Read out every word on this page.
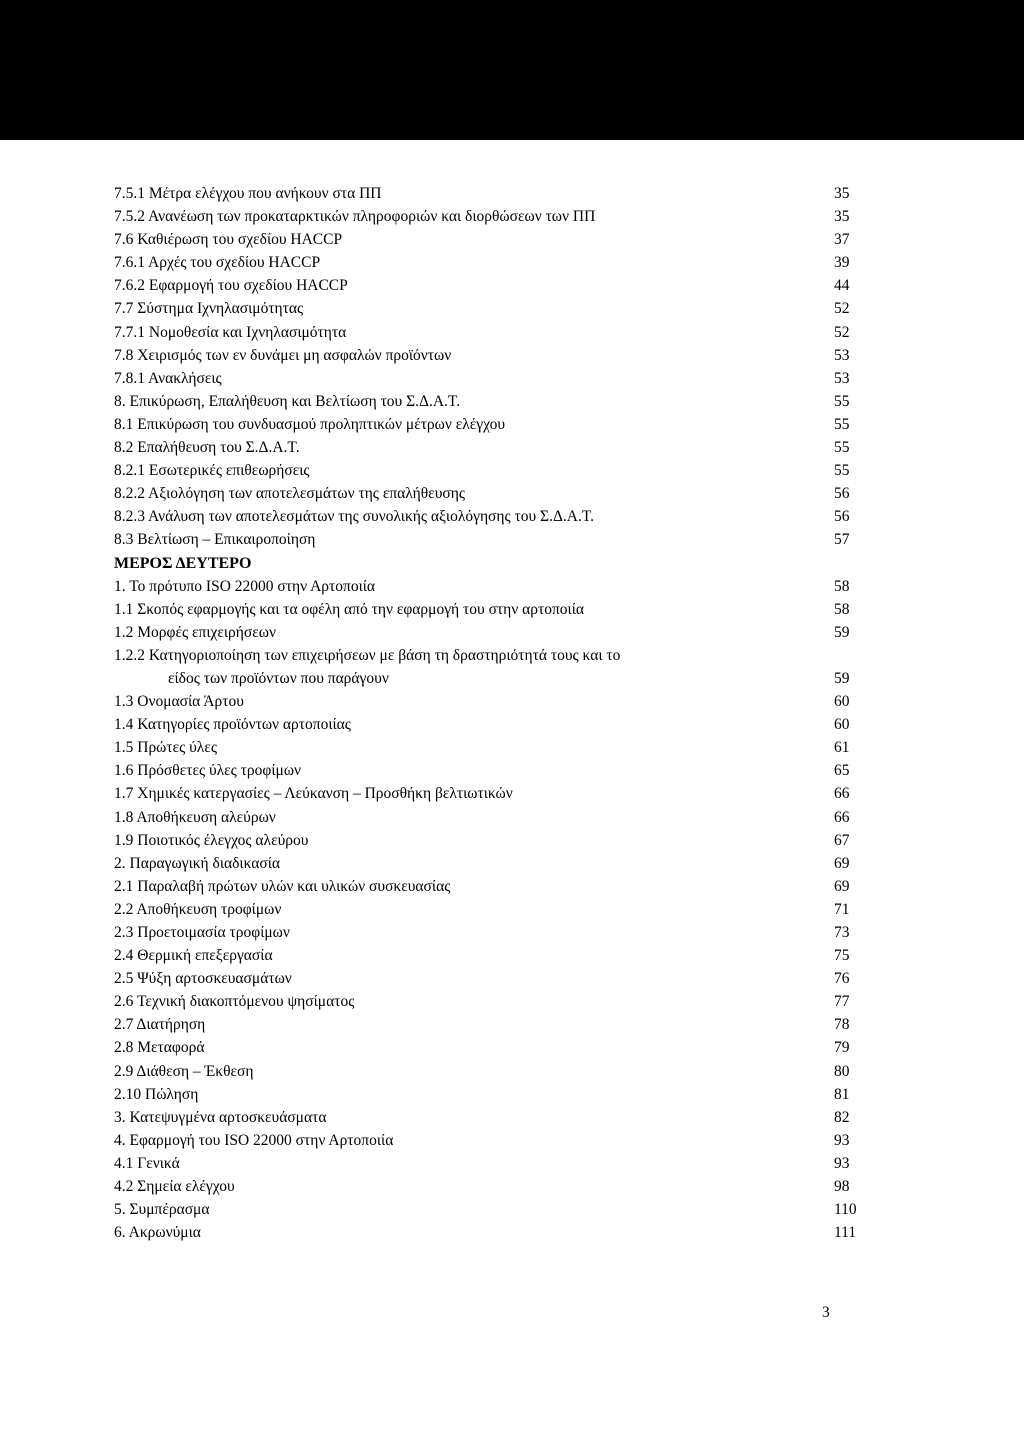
7.5.1 Μέτρα ελέγχου που ανήκουν στα ΠΠ	35
7.5.2 Ανανέωση των προκαταρκτικών πληροφοριών και διορθώσεων των ΠΠ	35
7.6 Καθιέρωση του σχεδίου HACCP	37
7.6.1 Αρχές του σχεδίου HACCP	39
7.6.2 Εφαρμογή του σχεδίου HACCP	44
7.7 Σύστημα Ιχνηλασιμότητας	52
7.7.1 Νομοθεσία και Ιχνηλασιμότητα	52
7.8 Χειρισμός των εν δυνάμει μη ασφαλών προϊόντων	53
7.8.1 Ανακλήσεις	53
8. Επικύρωση, Επαλήθευση και Βελτίωση του Σ.Δ.Α.Τ.	55
8.1 Επικύρωση του συνδυασμού προληπτικών μέτρων ελέγχου	55
8.2 Επαλήθευση του Σ.Δ.Α.Τ.	55
8.2.1 Εσωτερικές επιθεωρήσεις	55
8.2.2 Αξιολόγηση των αποτελεσμάτων της επαλήθευσης	56
8.2.3 Ανάλυση των αποτελεσμάτων της συνολικής αξιολόγησης του Σ.Δ.Α.Τ.	56
8.3 Βελτίωση – Επικαιροποίηση	57
ΜΕΡΟΣ ΔΕΥΤΕΡΟ
1. Το πρότυπο ISO 22000 στην Αρτοποιία	58
1.1 Σκοπός εφαρμογής και τα οφέλη από την εφαρμογή του στην αρτοποιία	58
1.2 Μορφές επιχειρήσεων	59
1.2.2 Κατηγοριοποίηση των επιχειρήσεων με βάση τη δραστηριότητά τους και το
είδος των προϊόντων που παράγουν	59
1.3 Ονομασία Άρτου	60
1.4 Κατηγορίες προϊόντων αρτοποιίας	60
1.5 Πρώτες ύλες	61
1.6 Πρόσθετες ύλες τροφίμων	65
1.7 Χημικές κατεργασίες – Λεύκανση – Προσθήκη βελτιωτικών	66
1.8 Αποθήκευση αλεύρων	66
1.9 Ποιοτικός έλεγχος αλεύρου	67
2. Παραγωγική διαδικασία	69
2.1 Παραλαβή πρώτων υλών και υλικών συσκευασίας	69
2.2 Αποθήκευση τροφίμων	71
2.3 Προετοιμασία τροφίμων	73
2.4 Θερμική επεξεργασία	75
2.5 Ψύξη αρτοσκευασμάτων	76
2.6 Τεχνική διακοπτόμενου ψησίματος	77
2.7 Διατήρηση	78
2.8 Μεταφορά	79
2.9 Διάθεση – Έκθεση	80
2.10 Πώληση	81
3. Κατεψυγμένα αρτοσκευάσματα	82
4. Εφαρμογή του ISO 22000 στην Αρτοποιία	93
4.1 Γενικά	93
4.2 Σημεία ελέγχου	98
5. Συμπέρασμα	110
6. Ακρωνύμια	111
3
